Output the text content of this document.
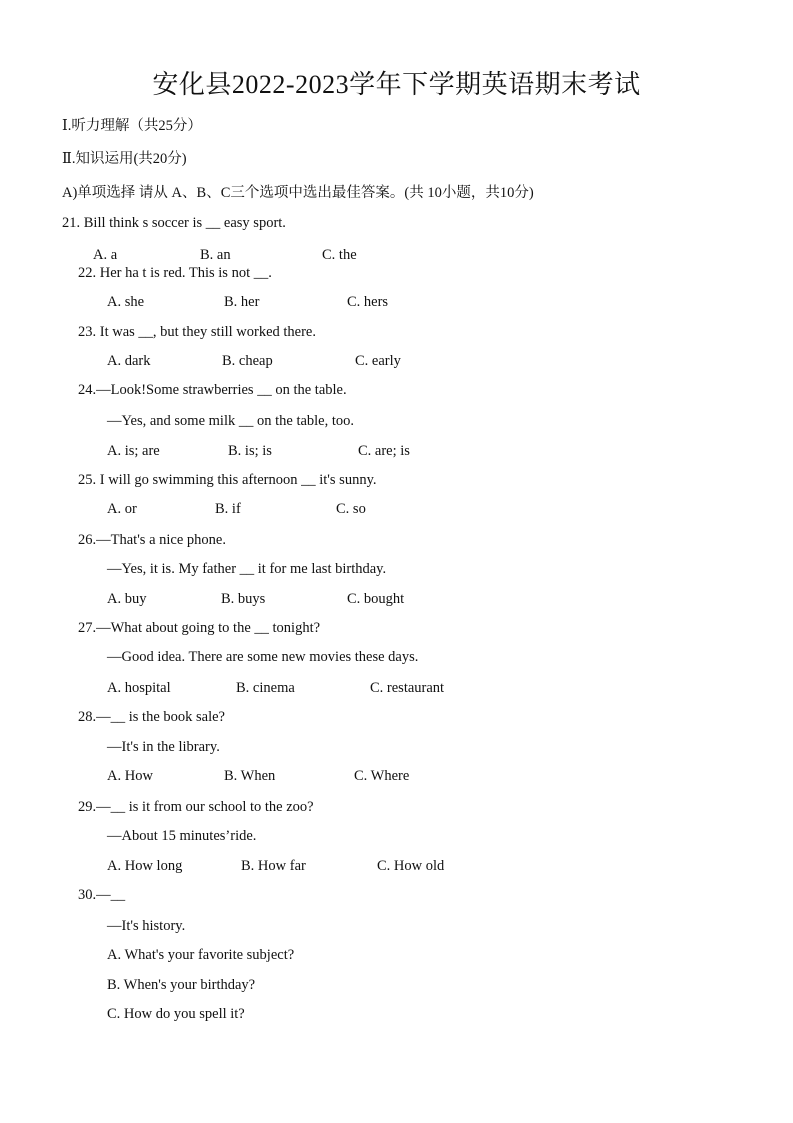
安化县2022-2023学年下学期英语期末考试
Ⅰ.听力理解（共25分）
Ⅱ.知识运用(共20分)
A)单项选择 请从 A、B、C三个选项中选出最佳答案。(共 10小题，共10分)
21. Bill think s soccer is __ easy sport.
A. a	B. an	C. the
22. Her ha t is red. This is not __.
A. she	B. her	C. hers
23. It was __, but they still worked there.
A. dark	B. cheap	C. early
24.—Look!Some strawberries __ on the table.
—Yes, and some milk __ on the table, too.
A. is; are	B. is; is	C. are; is
25. I will go swimming this afternoon __ it's sunny.
A. or	B. if	C. so
26.—That's a nice phone.
—Yes, it is. My father __ it for me last birthday.
A. buy	B. buys	C. bought
27.—What about going to the __ tonight?
—Good idea. There are some new movies these days.
A. hospital	B. cinema	C. restaurant
28.—__ is the book sale?
—It's in the library.
A. How	B. When	C. Where
29.—__ is it from our school to the zoo?
—About 15 minutes’ride.
A. How long	B. How far	C. How old
30.—__
—It's history.
A. What's your favorite subject?
B. When's your birthday?
C. How do you spell it?
